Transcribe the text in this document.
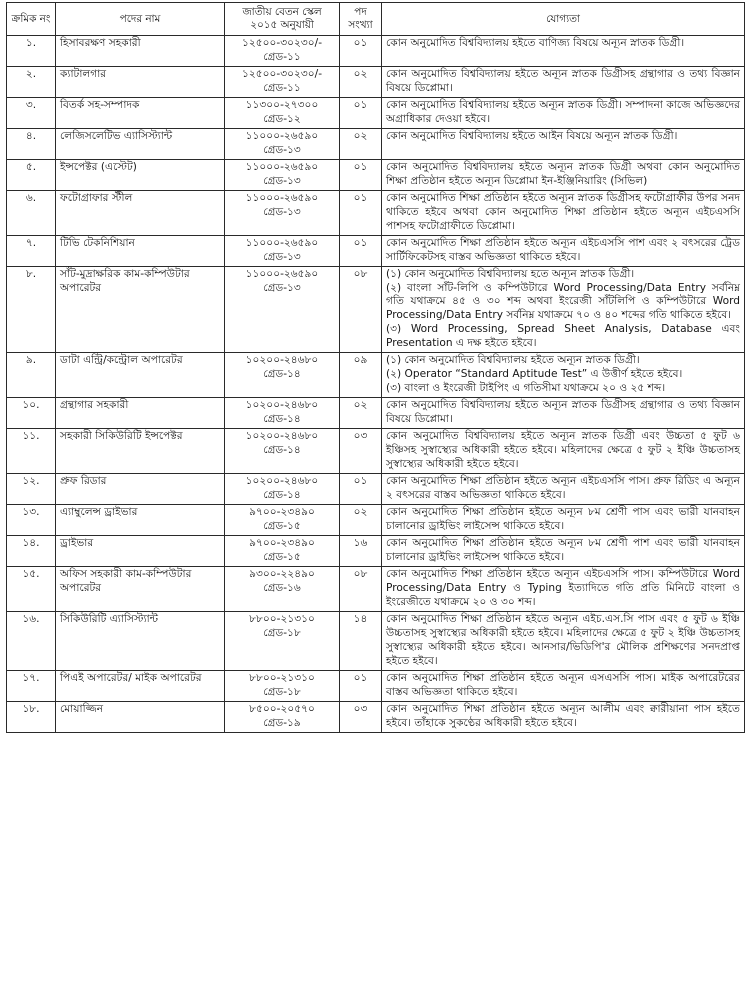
ক্রমিক নং	পদের নাম	জাতীয় বেতন স্কেল ২০১৫ অনুযায়ী	পদ সংখ্যা	যোগ্যতা
১.	হিসাবরক্ষণ সহকারী	১২৫০০-৩০২৩০/-
গ্রেড-১১	০১	কোন অনুমোদিত বিশ্ববিদ্যালয় হইতে বাণিজ্য বিষয়ে অন্যূন স্নাতক ডিগ্রী।

২.	ক্যাটালগার	১২৫০০-৩০২৩০/-
গ্রেড-১১	০২	কোন অনুমোদিত বিশ্ববিদ্যালয় হইতে অন্যূন স্নাতক ডিগ্রীসহ গ্রন্থাগার ও তথ্য বিজ্ঞান বিষয়ে ডিপ্লোমা।

৩.	বিতর্ক সহ-সম্পাদক	১১৩০০-২৭৩০০
গ্রেড-১২	০১	কোন অনুমোদিত বিশ্ববিদ্যালয় হইতে অন্যূন স্নাতক ডিগ্রী। সম্পাদনা কাজে অভিজ্ঞদের অগ্রাধিকার দেওয়া হইবে।

৪.	লেজিসলেটিভ এ্যাসিস্ট্যান্ট	১১০০০-২৬৫৯০
গ্রেড-১৩	০২	কোন অনুমোদিত বিশ্ববিদ্যালয় হইতে আইন বিষয়ে অন্যূন স্নাতক ডিগ্রী।

৫.	ইন্সপেক্টর (এস্টেট)	১১০০০-২৬৫৯০
গ্রেড-১৩	০১	কোন অনুমোদিত বিশ্ববিদ্যালয় হইতে অন্যূন স্নাতক ডিগ্রী অথবা কোন অনুমোদিত শিক্ষা প্রতিষ্ঠান হইতে অন্যূন ডিপ্লোমা ইন-ইঞ্জিনিয়ারিং (সিভিল)

৬.	ফটোগ্রাফার স্টীল	১১০০০-২৬৫৯০
গ্রেড-১৩	০১	কোন অনুমোদিত শিক্ষা প্রতিষ্ঠান হইতে অন্যূন স্নাতক ডিগ্রীসহ ফটোগ্রাফীর উপর সনদ থাকিতে হইবে অথবা কোন অনুমোদিত শিক্ষা প্রতিষ্ঠান হইতে অন্যূন এইচএসসি পাশসহ ফটোগ্রাফীতে ডিপ্লোমা।

৭.	টিভি টেকনিশিয়ান	১১০০০-২৬৫৯০
গ্রেড-১৩	০১	কোন অনুমোদিত শিক্ষা প্রতিষ্ঠান হইতে অন্যূন এইচএসসি পাশ এবং ২ বৎসরের ট্রেড সার্টিফিকেটসহ বাস্তব অভিজ্ঞতা থাকিতে হইবে।

৮.	সাঁট-মুদ্রাক্ষরিক কাম-কম্পিউটার অপারেটর	১১০০০-২৬৫৯০
গ্রেড-১৩	০৮	(১) কোন অনুমোদিত বিশ্ববিদ্যালয় হতে অন্যূন স্নাতক ডিগ্রী।
(২) বাংলা সাঁট-লিপি ও কম্পিউটারে Word Processing/Data Entry সর্বনিম্ন গতি যথাক্রমে ৪৫ ও ৩০ শব্দ অথবা ইংরেজী সাঁটলিপি ও কম্পিউটারে Word Processing/Data Entry সর্বনিম্ন যথাক্রমে ৭০ ও ৪০ শব্দের গতি থাকিতে হইবে।
(৩) Word Processing, Spread Sheet Analysis, Database এবং Presentation এ দক্ষ হইতে হইবে।

৯.	ডাটা এন্ট্রি/কন্ট্রোল অপারেটর	১০২০০-২৪৬৮০
গ্রেড-১৪	০৯	(১) কোন অনুমোদিত বিশ্ববিদ্যালয় হইতে অন্যূন স্নাতক ডিগ্রী।
(২) Operator “Standard Aptitude Test” এ উত্তীর্ণ হইতে হইবে।
(৩) বাংলা ও ইংরেজী টাইপিং এ গতিসীমা যথাক্রমে ২০ ও ২৫ শব্দ।

১০.	গ্রন্থাগার সহকারী	১০২০০-২৪৬৮০
গ্রেড-১৪	০২	কোন অনুমোদিত বিশ্ববিদ্যালয় হইতে অন্যূন স্নাতক ডিগ্রীসহ গ্রন্থাগার ও তথ্য বিজ্ঞান বিষয়ে ডিপ্লোমা।

১১.	সহকারী সিকিউরিটি ইন্সপেক্টর	১০২০০-২৪৬৮০
গ্রেড-১৪	০৩	কোন অনুমোদিত বিশ্ববিদ্যালয় হইতে অন্যূন স্নাতক ডিগ্রী এবং উচ্চতা ৫ ফুট ৬ ইঞ্চিসহ সুস্বাস্থ্যের অধিকারী হইতে হইবে। মহিলাদের ক্ষেত্রে ৫ ফুট ২ ইঞ্চি উচ্চতাসহ সুস্বাস্থ্যের অধিকারী হইতে হইবে।

১২.	প্রুফ রিডার	১০২০০-২৪৬৮০
গ্রেড-১৪	০১	কোন অনুমোদিত শিক্ষা প্রতিষ্ঠান হইতে অন্যূন এইচএসসি পাস। প্রুফ রিডিং এ অন্যূন ২ বৎসরের বাস্তব অভিজ্ঞতা থাকিতে হইবে।

১৩.	এ্যাম্বুলেন্স ড্রাইভার	৯৭০০-২৩৪৯০
গ্রেড-১৫	০২	কোন অনুমোদিত শিক্ষা প্রতিষ্ঠান হইতে অন্যূন ৮ম শ্রেণী পাস এবং ভারী যানবাহন চালানোর ড্রাইভিং লাইসেন্স থাকিতে হইবে।

১৪.	ড্রাইভার	৯৭০০-২৩৪৯০
গ্রেড-১৫	১৬	কোন অনুমোদিত শিক্ষা প্রতিষ্ঠান হইতে অন্যূন ৮ম শ্রেণী পাশ এবং ভারী যানবাহন চালানোর ড্রাইভিং লাইসেন্স থাকিতে হইবে।

১৫.	অফিস সহকারী কাম-কম্পিউটার অপারেটর	৯৩০০-২২৪৯০
গ্রেড-১৬	০৮	কোন অনুমোদিত শিক্ষা প্রতিষ্ঠান হইতে অন্যূন এইচএসসি পাস। কম্পিউটারে Word Processing/Data Entry ও Typing ইত্যাদিতে গতি প্রতি মিনিটে বাংলা ও ইংরেজীতে যথাক্রমে ২০ ও ৩০ শব্দ।

১৬.	সিকিউরিটি এ্যাসিস্ট্যান্ট	৮৮০০-২১৩১০
গ্রেড-১৮	১৪	কোন অনুমোদিত শিক্ষা প্রতিষ্ঠান হইতে অন্যূন এইচ.এস.সি পাস এবং ৫ ফুট ৬ ইঞ্চি উচ্চতাসহ সুস্বাস্থ্যের অধিকারী হইতে হইবে। মহিলাদের ক্ষেত্রে ৫ ফুট ২ ইঞ্চি উচ্চতাসহ সুস্বাস্থ্যের অধিকারী হইতে হইবে। আনসার/ভিডিপি'র মৌলিক প্রশিক্ষণের সনদপ্রাপ্ত হইতে হইবে।

১৭.	পিএই অপারেটর/ মাইক অপারেটর	৮৮০০-২১৩১০
গ্রেড-১৮	০১	কোন অনুমোদিত শিক্ষা প্রতিষ্ঠান হইতে অন্যূন এসএসসি পাস। মাইক অপারেটরের বাস্তব অভিজ্ঞতা থাকিতে হইবে।

১৮.	মোয়াজ্জিন	৮৫০০-২০৫৭০
গ্রেড-১৯	০৩	কোন অনুমোদিত শিক্ষা প্রতিষ্ঠান হইতে অন্যূন আলীম এবং ক্বারীয়ানা পাস হইতে হইবে। তাঁহাকে সুকণ্ঠের অধিকারী হইতে হইবে।
